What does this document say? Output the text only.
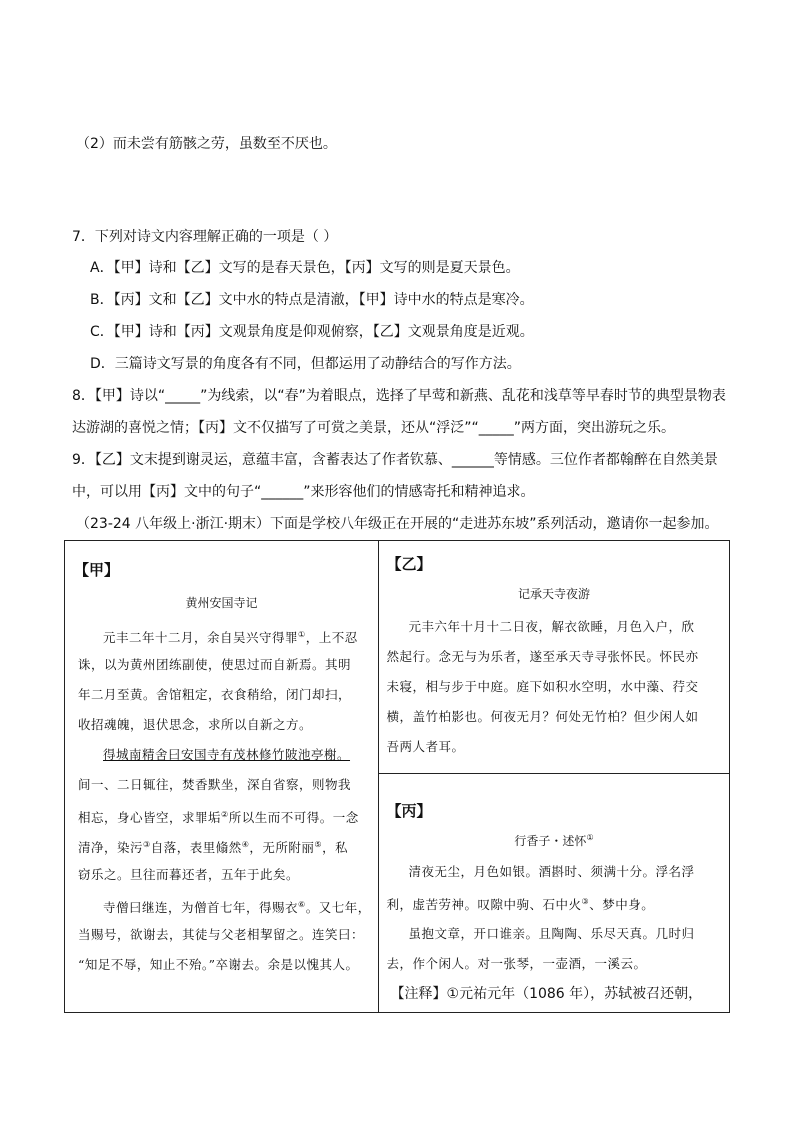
（2）而未尝有筋骸之劳，虽数至不厌也。
7．下列对诗文内容理解正确的一项是（ ）
A．【甲】诗和【乙】文写的是春天景色，【丙】文写的则是夏天景色。
B．【丙】文和【乙】文中水的特点是清澈，【甲】诗中水的特点是寒冷。
C．【甲】诗和【丙】文观景角度是仰观俯察，【乙】文观景角度是近观。
D．三篇诗文写景的角度各有不同，但都运用了动静结合的写作方法。
8．【甲】诗以“_____”为线索，以“春”为着眼点，选择了早莺和新燕、乱花和浅草等早春时节的典型景物表
达游湖的喜悦之情；【丙】文不仅描写了可赏之美景，还从“浮泛”“_____”两方面，突出游玩之乐。
9．【乙】文末提到谢灵运，意蕴丰富，含蓄表达了作者钦慕、______等情感。三位作者都翰醉在自然美景
中，可以用【丙】文中的句子“______”来形容他们的情感寄托和精神追求。
（23-24 八年级上·浙江·期末）下面是学校八年级正在开展的“走进苏东坡”系列活动，邀请你一起参加。
【甲】
黄州安国寺记
元丰二年十二月，余自吴兴守得罪①，上不忍
诛，以为黄州团练副使，使思过而自新焉。其明
年二月至黄。舍馆粗定，衣食稍给，闭门却扫，
收招魂魄，退伏思念，求所以自新之方。
得城南精舍曰安国寺有茂林修竹陂池亭榭。
间一、二日辄往，焚香默坐，深自省察，则物我
相忘，身心皆空，求罪垢②所以生而不可得。一念
清净，染污③自落，表里翛然④，无所附丽⑤，私
窃乐之。旦往而暮还者，五年于此矣。
寺僧曰继连，为僧首七年，得赐衣⑥。又七年，
当赐号，欲谢去，其徒与父老相挈留之。连笑曰：
“知足不辱，知止不殆。”卒谢去。余是以愧其人。

【乙】
记承天寺夜游
元丰六年十月十二日夜，解衣欲睡，月色入户，欣
然起行。念无与为乐者，遂至承天寺寻张怀民。怀民亦
未寝，相与步于中庭。庭下如积水空明，水中藻、荇交
横，盖竹柏影也。何夜无月？何处无竹柏？但少闲人如
吾两人者耳。

【丙】
行香子・述怀①
清夜无尘，月色如银。酒斟时、须满十分。浮名浮
利，虚苦劳神。叹隙中驹、石中火③、梦中身。
虽抱文章，开口谁亲。且陶陶、乐尽天真。几时归
去，作个闲人。对一张琴，一壶酒，一溪云。
【注释】①元祐元年（1086 年），苏轼被召还朝，
